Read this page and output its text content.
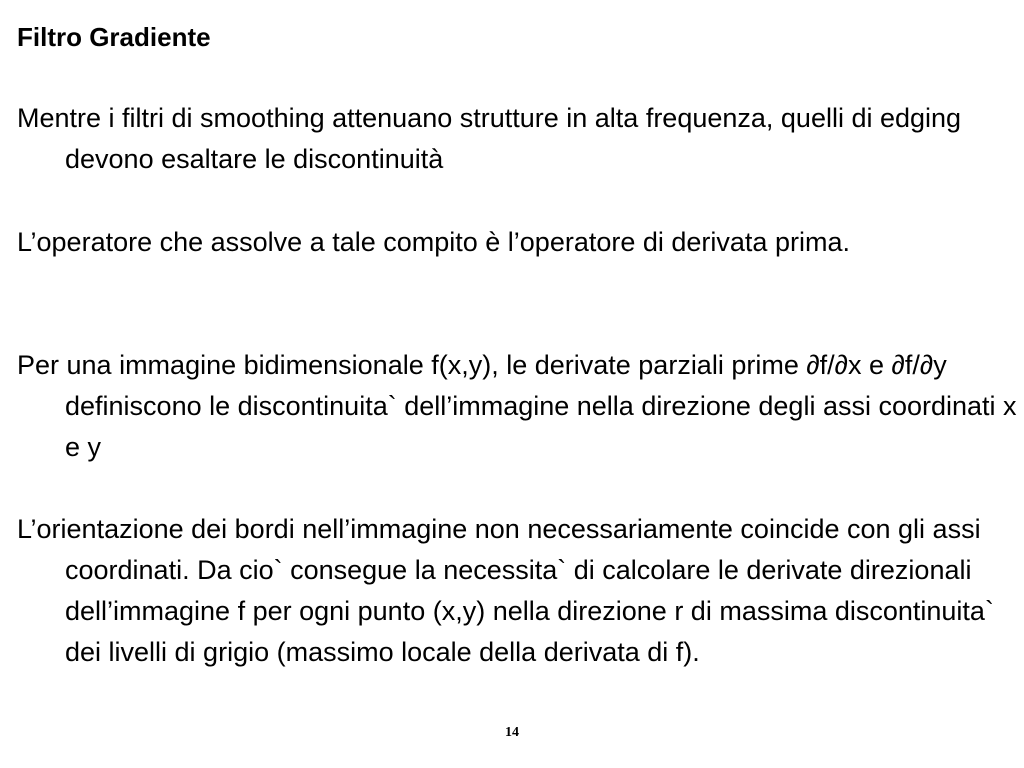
Filtro Gradiente

Mentre i filtri di smoothing attenuano strutture in alta frequenza, quelli di edging devono esaltare le discontinuità

L’operatore che assolve a tale compito è l’operatore di derivata prima.

Per una immagine bidimensionale f(x,y), le derivate parziali prime ∂f/∂x e ∂f/∂y definiscono le discontinuita` dell’immagine nella direzione degli assi coordinati x e y

L’orientazione dei bordi nell’immagine non necessariamente coincide con gli assi coordinati. Da cio` consegue la necessita` di calcolare le derivate direzionali dell’immagine f per ogni punto (x,y) nella direzione r di massima discontinuita` dei livelli di grigio (massimo locale della derivata di f).

14
